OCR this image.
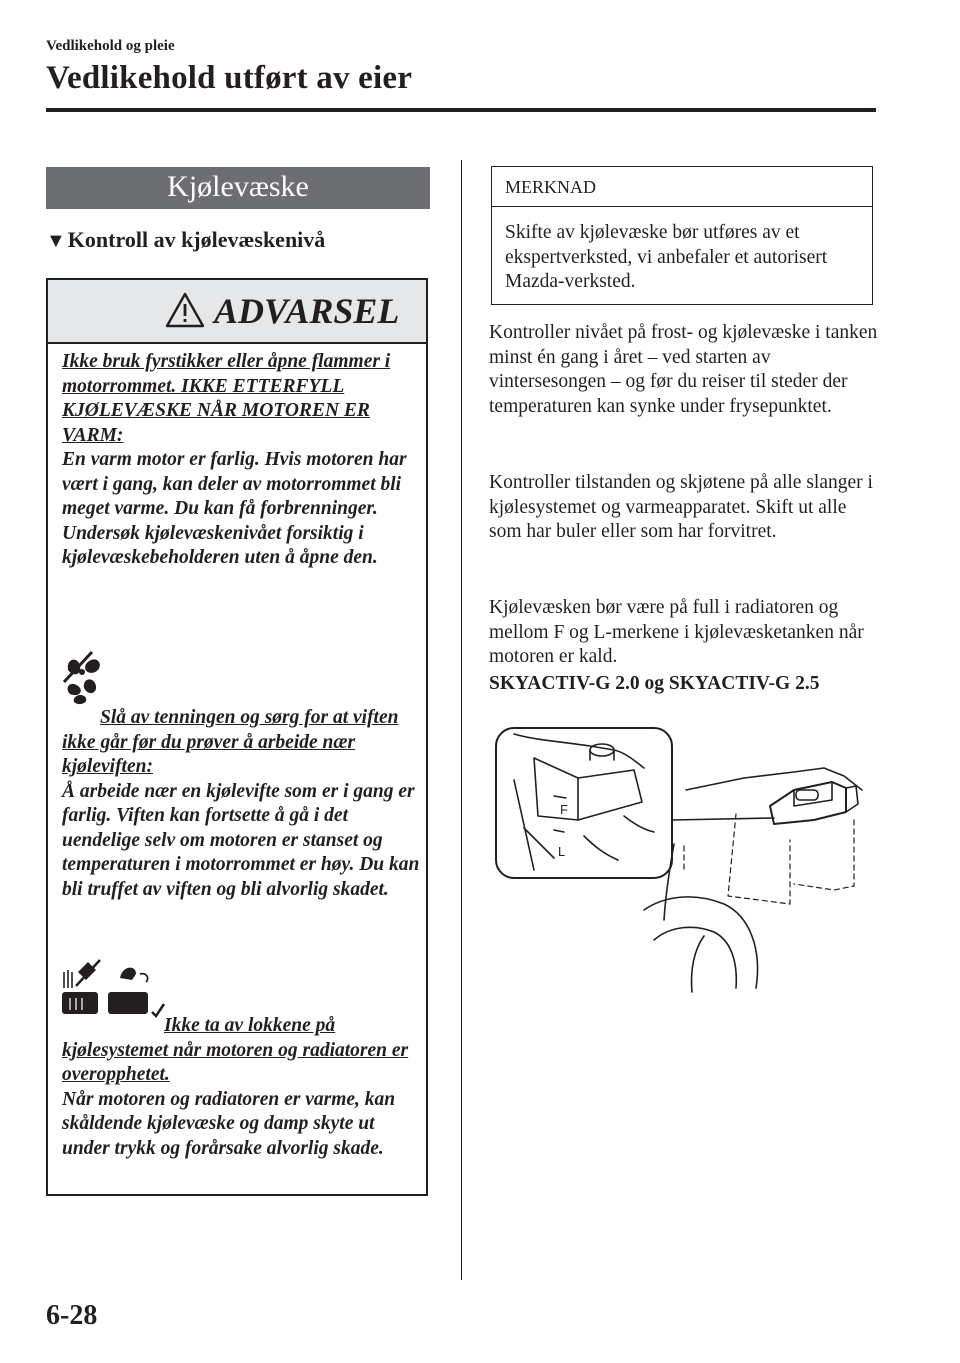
Vedlikehold og pleie
Vedlikehold utført av eier
Kjølevæske
▼Kontroll av kjølevæskenivå
ADVARSEL
Ikke bruk fyrstikker eller åpne flammer i motorrommet. IKKE ETTERFYLL KJØLEVÆSKE NÅR MOTOREN ER VARM:
En varm motor er farlig. Hvis motoren har vært i gang, kan deler av motorrommet bli meget varme. Du kan få forbrenninger. Undersøk kjølevæskenivået forsiktig i kjølevæskebeholderen uten å åpne den.
Slå av tenningen og sørg for at viften ikke går før du prøver å arbeide nær kjøleviften:
Å arbeide nær en kjølevifte som er i gang er farlig. Viften kan fortsette å gå i det uendelige selv om motoren er stanset og temperaturen i motorrommet er høy. Du kan bli truffet av viften og bli alvorlig skadet.
Ikke ta av lokkene på kjølesystemet når motoren og radiatoren er overopphetet.
Når motoren og radiatoren er varme, kan skåldende kjølevæske og damp skyte ut under trykk og forårsake alvorlig skade.
MERKNAD
Skifte av kjølevæske bør utføres av et ekspertverksted, vi anbefaler et autorisert Mazda-verksted.
Kontroller nivået på frost- og kjølevæske i tanken minst én gang i året – ved starten av vintersesongen – og før du reiser til steder der temperaturen kan synke under frysepunktet.
Kontroller tilstanden og skjøtene på alle slanger i kjølesystemet og varmeapparatet. Skift ut alle som har buler eller som har forvitret.
Kjølevæsken bør være på full i radiatoren og mellom F og L-merkene i kjølevæsketanken når motoren er kald.
SKYACTIV-G 2.0 og SKYACTIV-G 2.5
F
L
6-28
